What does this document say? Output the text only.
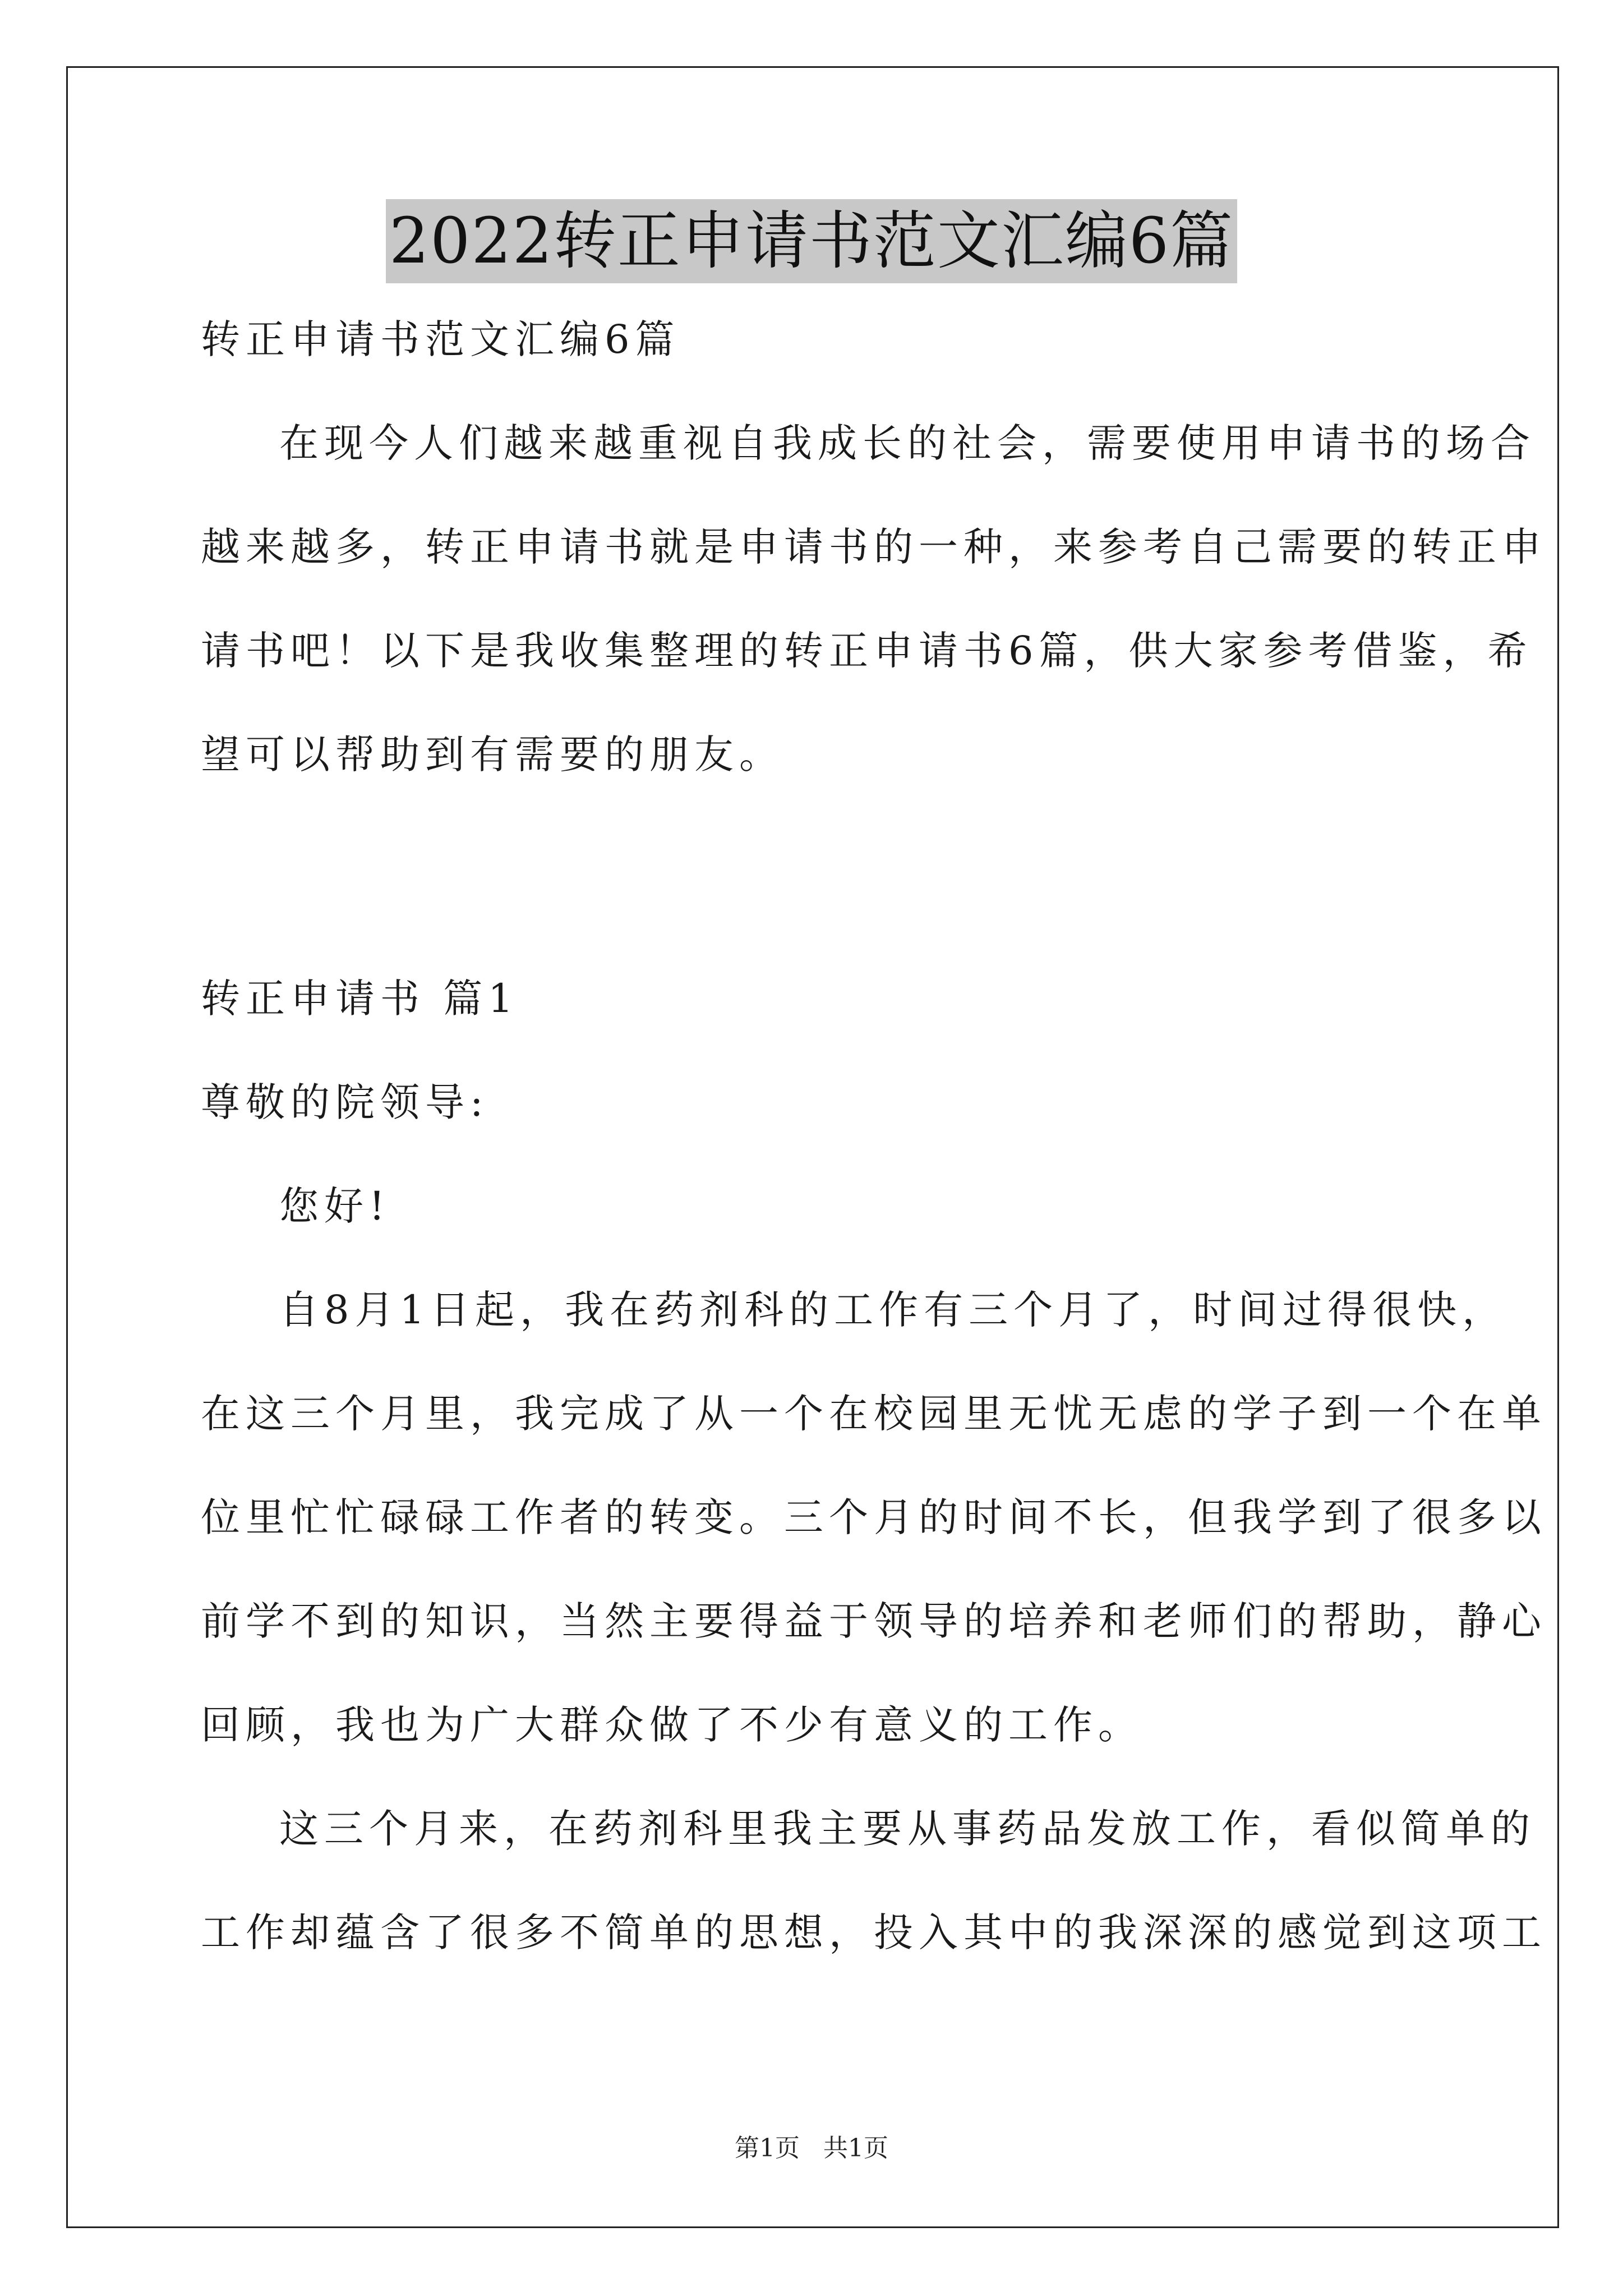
2022转正申请书范文汇编6篇
转正申请书范文汇编6篇
在现今人们越来越重视自我成长的社会，需要使用申请书的场合
越来越多，转正申请书就是申请书的一种，来参考自己需要的转正申
请书吧！以下是我收集整理的转正申请书6篇，供大家参考借鉴，希
望可以帮助到有需要的朋友。
转正申请书 篇1
尊敬的院领导:
您好!
自8月1日起，我在药剂科的工作有三个月了，时间过得很快，
在这三个月里，我完成了从一个在校园里无忧无虑的学子到一个在单
位里忙忙碌碌工作者的转变。三个月的时间不长，但我学到了很多以
前学不到的知识，当然主要得益于领导的培养和老师们的帮助，静心
回顾，我也为广大群众做了不少有意义的工作。
这三个月来，在药剂科里我主要从事药品发放工作，看似简单的
工作却蕴含了很多不简单的思想，投入其中的我深深的感觉到这项工
第1页 共1页
